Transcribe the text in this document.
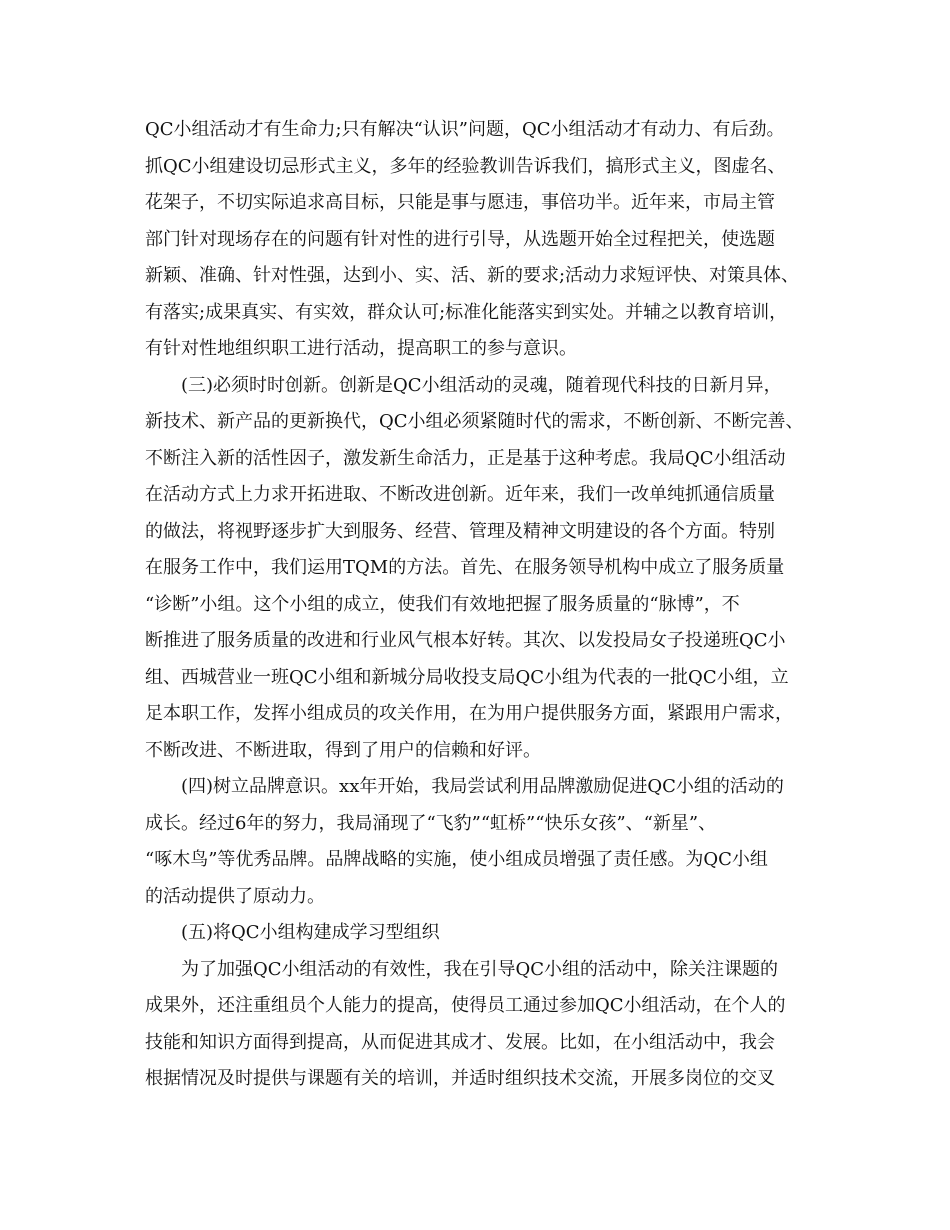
QC小组活动才有生命力;只有解决“认识”问题，QC小组活动才有动力、有后劲。
抓QC小组建设切忌形式主义，多年的经验教训告诉我们，搞形式主义，图虚名、
花架子，不切实际追求高目标，只能是事与愿违，事倍功半。近年来，市局主管
部门针对现场存在的问题有针对性的进行引导，从选题开始全过程把关，使选题
新颖、准确、针对性强，达到小、实、活、新的要求;活动力求短评快、对策具体、
有落实;成果真实、有实效，群众认可;标准化能落实到实处。并辅之以教育培训，
有针对性地组织职工进行活动，提高职工的参与意识。
(三)必须时时创新。创新是QC小组活动的灵魂，随着现代科技的日新月异，
新技术、新产品的更新换代，QC小组必须紧随时代的需求，不断创新、不断完善、
不断注入新的活性因子，激发新生命活力，正是基于这种考虑。我局QC小组活动
在活动方式上力求开拓进取、不断改进创新。近年来，我们一改单纯抓通信质量
的做法，将视野逐步扩大到服务、经营、管理及精神文明建设的各个方面。特别
在服务工作中，我们运用TQM的方法。首先、在服务领导机构中成立了服务质量
“诊断”小组。这个小组的成立，使我们有效地把握了服务质量的“脉博”，不
断推进了服务质量的改进和行业风气根本好转。其次、以发投局女子投递班QC小
组、西城营业一班QC小组和新城分局收投支局QC小组为代表的一批QC小组，立
足本职工作，发挥小组成员的攻关作用，在为用户提供服务方面，紧跟用户需求，
不断改进、不断进取，得到了用户的信赖和好评。
(四)树立品牌意识。xx年开始，我局尝试利用品牌激励促进QC小组的活动的
成长。经过6年的努力，我局涌现了“飞豹”“虹桥”“快乐女孩”、“新星”、
“啄木鸟”等优秀品牌。品牌战略的实施，使小组成员增强了责任感。为QC小组
的活动提供了原动力。
(五)将QC小组构建成学习型组织
为了加强QC小组活动的有效性，我在引导QC小组的活动中，除关注课题的
成果外，还注重组员个人能力的提高，使得员工通过参加QC小组活动，在个人的
技能和知识方面得到提高，从而促进其成才、发展。比如，在小组活动中，我会
根据情况及时提供与课题有关的培训，并适时组织技术交流，开展多岗位的交叉
